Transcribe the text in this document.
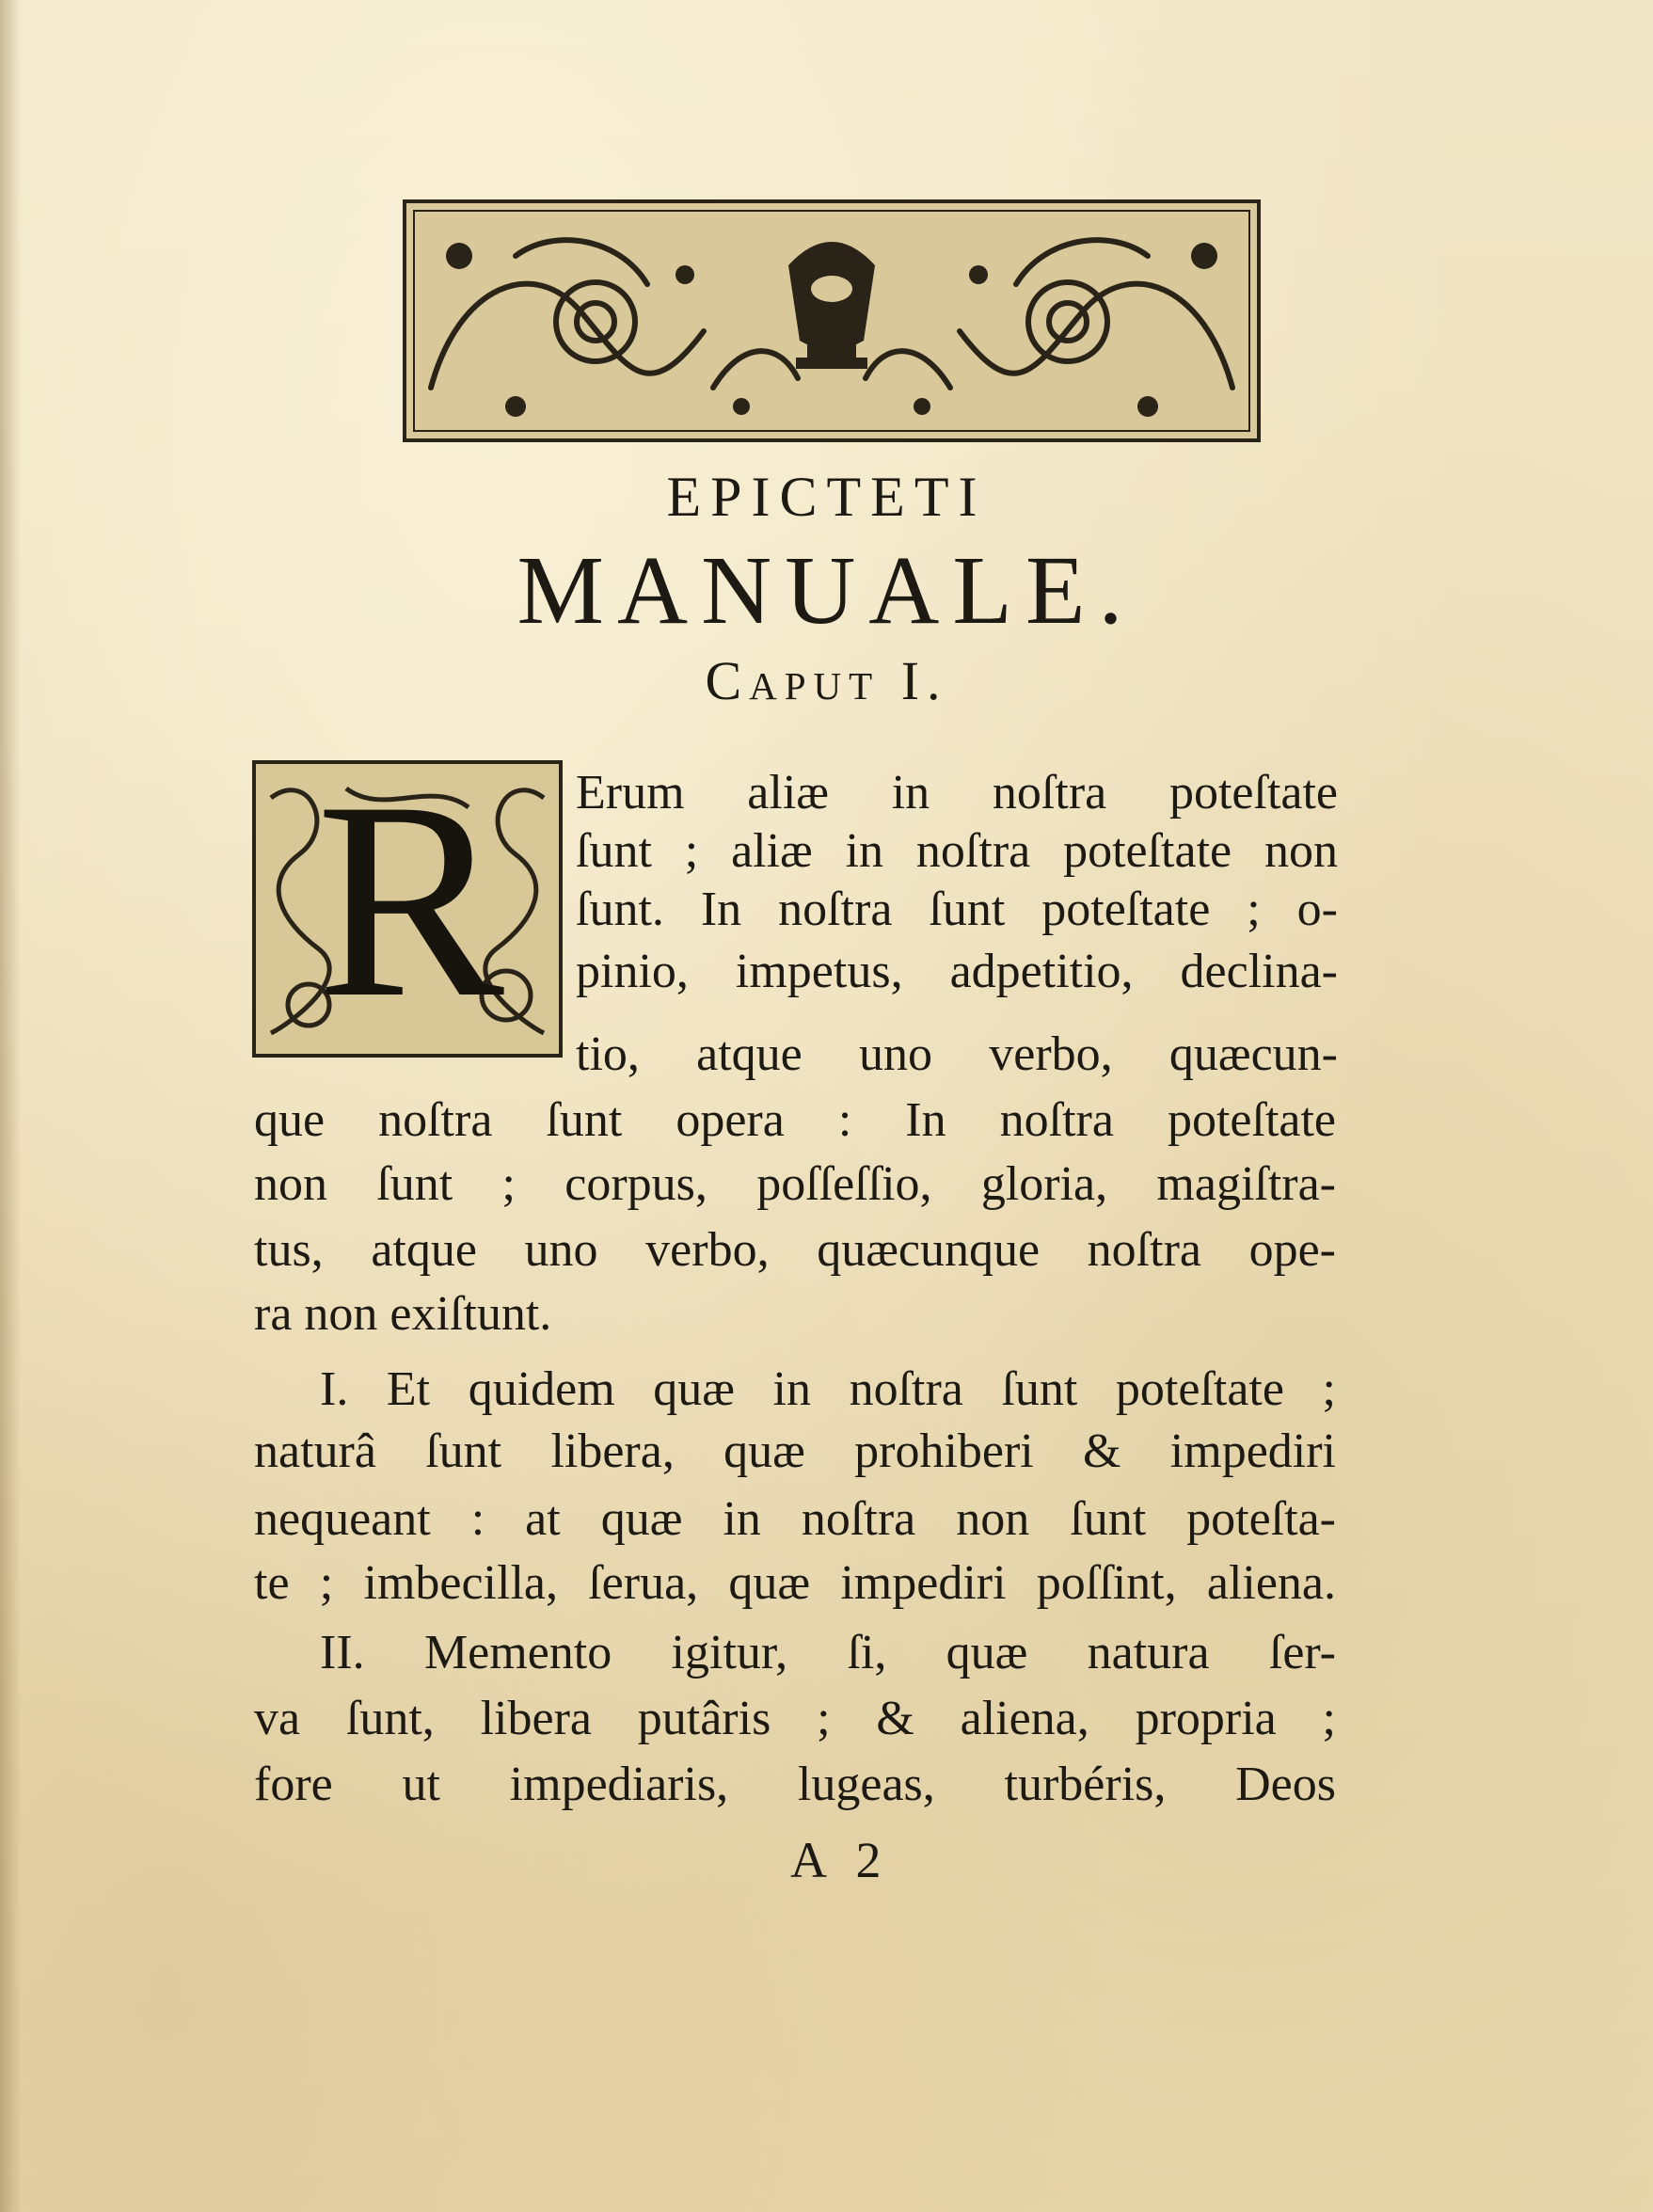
EPICTETI
MANUALE.
Caput I.
R	Erum aliæ in noſtra poteſtate
ſunt ; aliæ in noſtra poteſtate non
ſunt. In noſtra ſunt poteſtate ; o-
pinio, impetus, adpetitio, declina-
tio, atque uno verbo, quæcun-
que noſtra ſunt opera : In noſtra poteſtate
non ſunt ; corpus, poſſeſſio, gloria, magiſtra-
tus, atque uno verbo, quæcunque noſtra ope-
ra non exiſtunt.
I. Et quidem quæ in noſtra ſunt poteſtate ;
naturâ ſunt libera, quæ prohiberi & impediri
nequeant : at quæ in noſtra non ſunt poteſta-
te ; imbecilla, ſerua, quæ impediri poſſint, aliena.
II. Memento igitur, ſi, quæ natura ſer-
va ſunt, libera putâris ; & aliena, propria ;
fore ut impediaris, lugeas, turbéris, Deos
A 2
